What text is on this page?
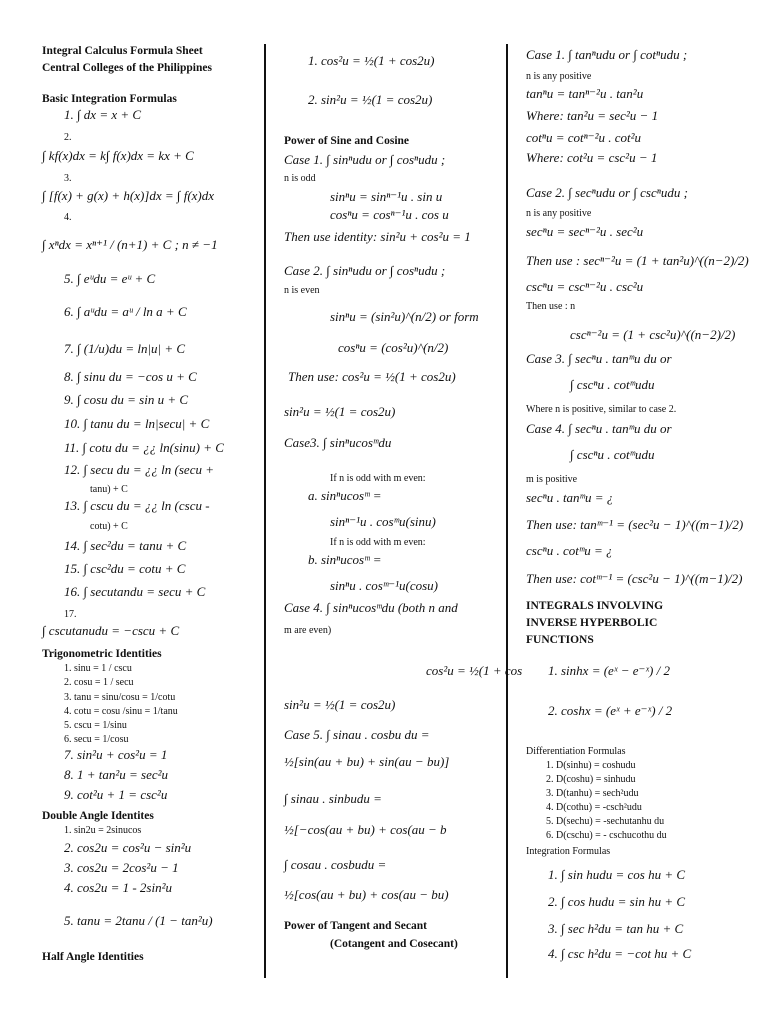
Integral Calculus Formula Sheet
Central Colleges of the Philippines
Basic Integration Formulas
1. ∫ dx = x + C
2.
∫ kf(x)dx = k∫ f(x)dx = kx + C
3.
∫ [f(x) + g(x) + h(x)]dx = ∫ f(x)dx
4.
∫ xⁿdx = xⁿ⁺¹ / (n+1) + C ; n ≠ −1
5. ∫ eᵘdu = eᵘ + C
6. ∫ aᵘdu = aᵘ / ln a + C
7. ∫ (1/u)du = ln|u| + C
8. ∫ sinu du = −cos u + C
9. ∫ cosu du = sin u + C
10. ∫ tanu du = ln|secu| + C
11. ∫ cotu du = ¿¿ ln(sinu) + C
12. ∫ secu du = ¿¿ ln (secu +
tanu) + C
13. ∫ cscu du = ¿¿ ln (cscu -
cotu) + C
14. ∫ sec²du = tanu + C
15. ∫ csc²du = cotu + C
16. ∫ secutandu = secu + C
17.
∫ cscutanudu = −cscu + C
Trigonometric Identities
1. sinu = 1 / cscu
2. cosu = 1 / secu
3. tanu = sinu/cosu = 1/cotu
4. cotu = cosu /sinu = 1/tanu
5. cscu = 1/sinu
6. secu = 1/cosu
7. sin²u + cos²u = 1
8. 1 + tan²u = sec²u
9. cot²u + 1 = csc²u
Double Angle Identites
1. sin2u = 2sinucos
2. cos2u = cos²u − sin²u
3. cos2u = 2cos²u − 1
4. cos2u = 1 - 2sin²u
5. tanu = 2tanu / (1 − tan²u)
Half Angle Identities
1. cos²u = ½(1 + cos2u)
2. sin²u = ½(1 = cos2u)
Power of Sine and Cosine
Case 1. ∫ sinⁿudu or ∫ cosⁿudu ;
n is odd
sinⁿu = sinⁿ⁻¹u . sin u
cosⁿu = cosⁿ⁻¹u . cos u
Then use identity: sin²u + cos²u = 1
Case 2. ∫ sinⁿudu or ∫ cosⁿudu ;
n is even
sinⁿu = (sin²u)^(n/2) or form
cosⁿu = (cos²u)^(n/2)
Then use: cos²u = ½(1 + cos2u)
sin²u = ½(1 = cos2u)
Case3. ∫ sinⁿucosᵐdu
If n is odd with m even:
a. sinⁿucosᵐ =
sinⁿ⁻¹u . cosᵐu(sinu)
If n is odd with m even:
b. sinⁿucosᵐ =
sinⁿu . cosᵐ⁻¹u(cosu)
Case 4. ∫ sinⁿucosᵐdu (both n and
m are even)
cos²u = ½(1 + cos
sin²u = ½(1 = cos2u)
Case 5. ∫ sinau . cosbu du =
½[sin(au + bu) + sin(au − bu)]
∫ sinau . sinbudu =
½[−cos(au + bu) + cos(au − b
∫ cosau . cosbudu =
½[cos(au + bu) + cos(au − bu)
Power of Tangent and Secant
(Cotangent and Cosecant)
Case 1. ∫ tanⁿudu or ∫ cotⁿudu ;
n is any positive
tanⁿu = tanⁿ⁻²u . tan²u
Where: tan²u = sec²u − 1
cotⁿu = cotⁿ⁻²u . cot²u
Where: cot²u = csc²u − 1
Case 2. ∫ secⁿudu or ∫ cscⁿudu ;
n is any positive
secⁿu = secⁿ⁻²u . sec²u
Then use : secⁿ⁻²u = (1 + tan²u)^((n−2)/2)
cscⁿu = cscⁿ⁻²u . csc²u
Then use : n
cscⁿ⁻²u = (1 + csc²u)^((n−2)/2)
Case 3. ∫ secⁿu . tanᵐu du or
∫ cscⁿu . cotᵐudu
Where n is positive, similar to case 2.
Case 4. ∫ secⁿu . tanᵐu du or
∫ cscⁿu . cotᵐudu
m is positive
secⁿu . tanᵐu = ¿
Then use: tanᵐ⁻¹ = (sec²u − 1)^((m−1)/2)
cscⁿu . cotᵐu = ¿
Then use: cotᵐ⁻¹ = (csc²u − 1)^((m−1)/2)
INTEGRALS INVOLVING
INVERSE HYPERBOLIC
FUNCTIONS
1. sinhx = (eˣ − e⁻ˣ) / 2
2. coshx = (eˣ + e⁻ˣ) / 2
Differentiation Formulas
1. D(sinhu) = coshudu
2. D(coshu) = sinhudu
3. D(tanhu) = sech²udu
4. D(cothu) = -csch²udu
5. D(sechu) = -sechutanhu du
6. D(cschu) = - cschucothu du
Integration Formulas
1. ∫ sin hudu = cos hu + C
2. ∫ cos hudu = sin hu + C
3. ∫ sec h²du = tan hu + C
4. ∫ csc h²du = −cot hu + C
